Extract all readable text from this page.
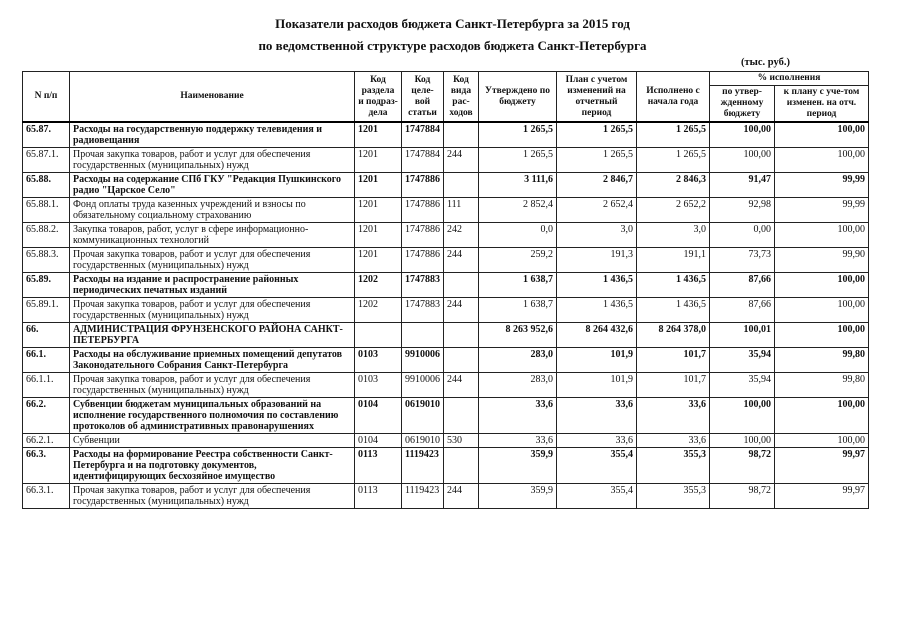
Показатели расходов бюджета Санкт-Петербурга за 2015 год
по ведомственной структуре расходов бюджета Санкт-Петербурга
(тыс. руб.)
N п/п	Наименование	Код раздела и подраз-дела	Код целе-вой статьи	Код вида рас-ходов	Утверждено по бюджету	План с учетом изменений на отчетный период	Исполнено с начала года	% исполнения	
								по утвер-жденному бюджету	к плану с уче-том изменен. на отч. период
65.87.	Расходы на государственную поддержку телевидения и радиовещания	1201	1747884		1 265,5	1 265,5	1 265,5	100,00	100,00
65.87.1.	Прочая закупка товаров, работ и услуг для обеспечения государственных (муниципальных) нужд	1201	1747884	244	1 265,5	1 265,5	1 265,5	100,00	100,00
65.88.	Расходы на содержание СПб ГКУ "Редакция Пушкинского радио "Царское Село"	1201	1747886		3 111,6	2 846,7	2 846,3	91,47	99,99
65.88.1.	Фонд оплаты труда казенных учреждений и взносы по обязательному социальному страхованию	1201	1747886	111	2 852,4	2 652,4	2 652,2	92,98	99,99
65.88.2.	Закупка товаров, работ, услуг в сфере информационно-коммуникационных технологий	1201	1747886	242	0,0	3,0	3,0	0,00	100,00
65.88.3.	Прочая закупка товаров, работ и услуг для обеспечения государственных (муниципальных) нужд	1201	1747886	244	259,2	191,3	191,1	73,73	99,90
65.89.	Расходы на издание и распространение районных периодических печатных изданий	1202	1747883		1 638,7	1 436,5	1 436,5	87,66	100,00
65.89.1.	Прочая закупка товаров, работ и услуг для обеспечения государственных (муниципальных) нужд	1202	1747883	244	1 638,7	1 436,5	1 436,5	87,66	100,00
66.	АДМИНИСТРАЦИЯ ФРУНЗЕНСКОГО РАЙОНА САНКТ-ПЕТЕРБУРГА				8 263 952,6	8 264 432,6	8 264 378,0	100,01	100,00
66.1.	Расходы на обслуживание приемных помещений депутатов Законодательного Собрания Санкт-Петербурга	0103	9910006		283,0	101,9	101,7	35,94	99,80
66.1.1.	Прочая закупка товаров, работ и услуг для обеспечения государственных (муниципальных) нужд	0103	9910006	244	283,0	101,9	101,7	35,94	99,80
66.2.	Субвенции бюджетам муниципальных образований на исполнение государственного полномочия по составлению протоколов об административных правонарушениях	0104	0619010		33,6	33,6	33,6	100,00	100,00
66.2.1.	Субвенции	0104	0619010	530	33,6	33,6	33,6	100,00	100,00
66.3.	Расходы на формирование Реестра собственности Санкт-Петербурга и на подготовку документов, идентифицирующих бесхозяйное имущество	0113	1119423		359,9	355,4	355,3	98,72	99,97
66.3.1.	Прочая закупка товаров, работ и услуг для обеспечения государственных (муниципальных) нужд	0113	1119423	244	359,9	355,4	355,3	98,72	99,97
